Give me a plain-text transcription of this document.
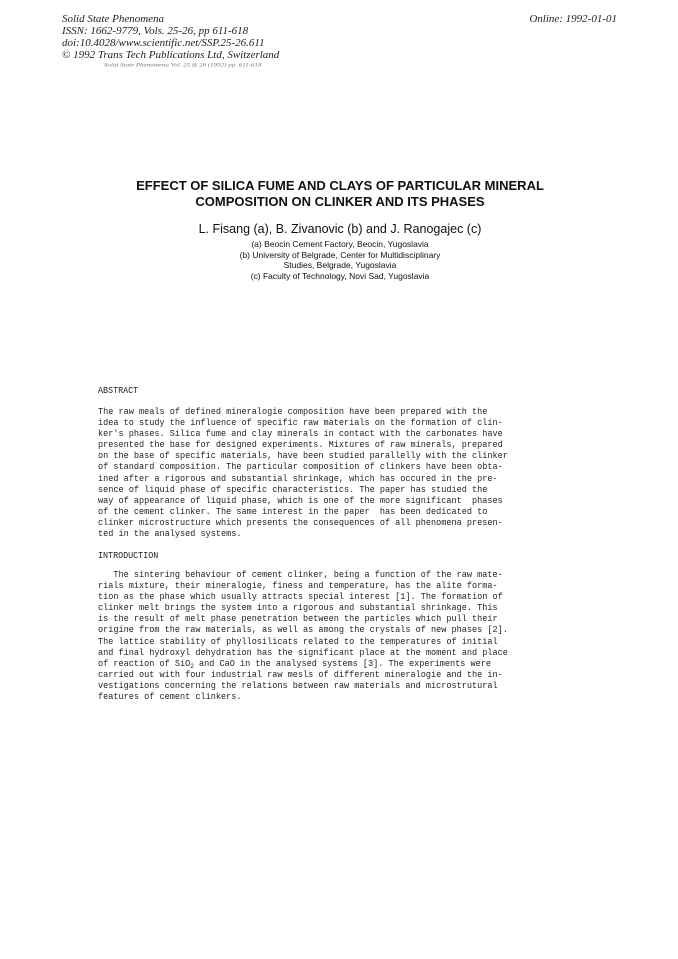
Solid State Phenomena
ISSN: 1662-9779, Vols. 25-26, pp 611-618
doi:10.4028/www.scientific.net/SSP.25-26.611
© 1992 Trans Tech Publications Ltd, Switzerland
Online: 1992-01-01
Solid State Phenomena Vol. 25 & 26 (1992) pp. 611-618
EFFECT OF SILICA FUME AND CLAYS OF PARTICULAR MINERAL
COMPOSITION ON CLINKER AND ITS PHASES
L. Fisang (a), B. Zivanovic (b) and J. Ranogajec (c)
(a) Beocin Cement Factory, Beocin, Yugoslavia
(b) University of Belgrade, Center for Multidisciplinary
Studies, Belgrade, Yugoslavia
(c) Faculty of Technology, Novi Sad, Yugoslavia
ABSTRACT
The raw meals of defined mineralogie composition have been prepared with the
idea to study the influence of specific raw materials on the formation of clin-
ker's phases. Silica fume and clay minerals in contact with the carbonates have
presented the base for designed experiments. Mixtures of raw minerals, prepared
on the base of specific materials, have been studied parallelly with the clinker
of standard composition. The particular composition of clinkers have been obta-
ined after a rigorous and substantial shrinkage, which has occured in the pre-
sence of liquid phase of specific characteristics. The paper has studied the
way of appearance of liquid phase, which is one of the more significant  phases
of the cement clinker. The same interest in the paper  has been dedicated to
clinker microstructure which presents the consequences of all phenomena presen-
ted in the analysed systems.
INTRODUCTION
The sintering behaviour of cement clinker, being a function of the raw mate-
rials mixture, their mineralogie, finess and temperature, has the alite forma-
tion as the phase which usually attracts special interest [1]. The formation of
clinker melt brings the system into a rigorous and substantial shrinkage. This
is the result of melt phase penetration between the particles which pull their
origine from the raw materials, as well as among the crystals of new phases [2].
The lattice stability of phyllosilicats related to the temperatures of initial
and final hydroxyl dehydration has the significant place at the moment and place
of reaction of SiO$_2$ and CaO in the analysed systems [3]. The experiments were
carried out with four industrial raw mesls of different mineralogie and the in-
vestigations concerning the relations between raw materials and microstrutural
features of cement clinkers.
